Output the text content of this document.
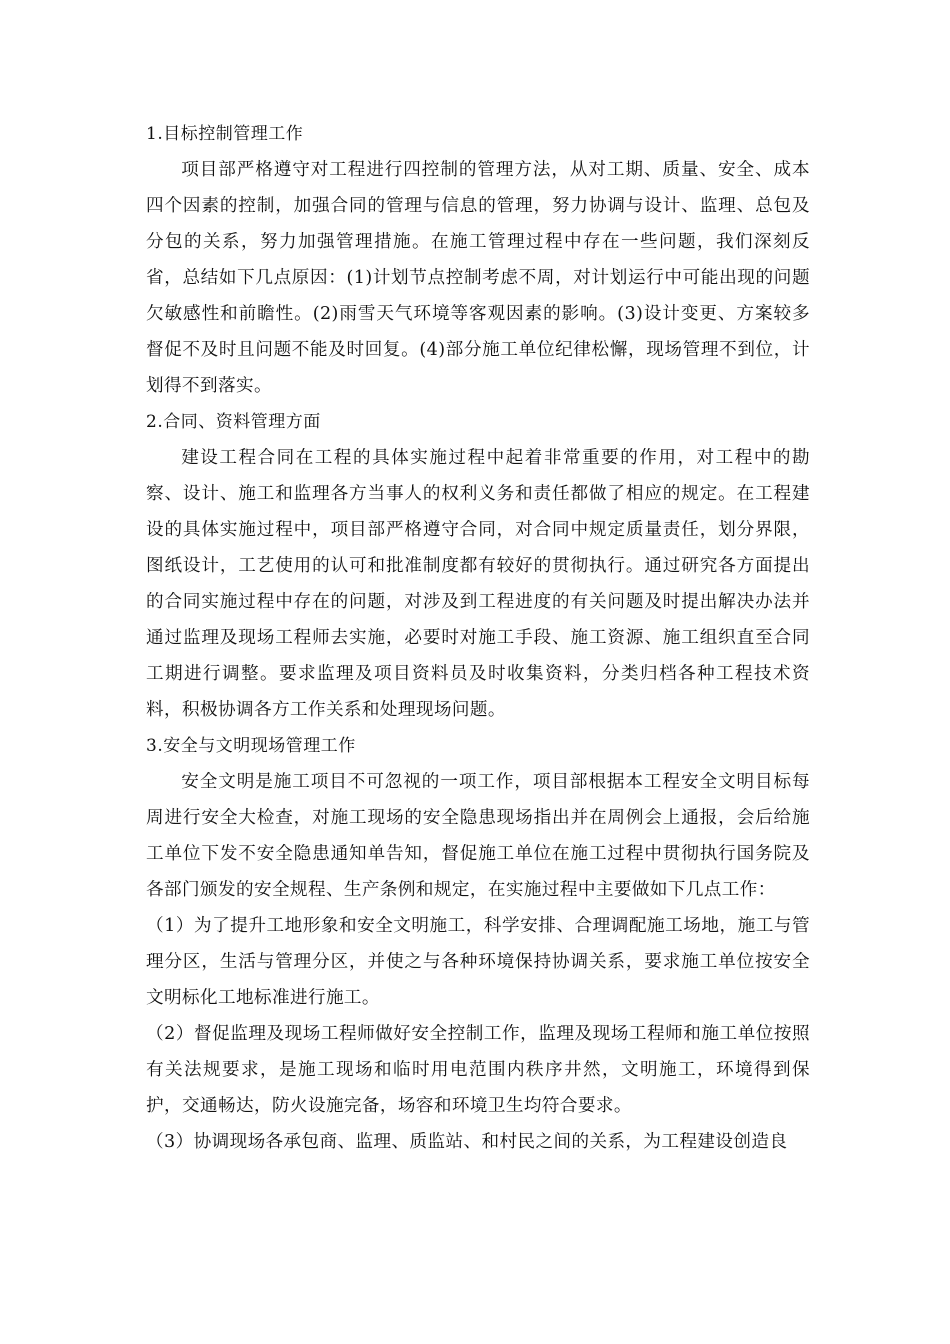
1.目标控制管理工作

项目部严格遵守对工程进行四控制的管理方法，从对工期、质量、安全、成本四个因素的控制，加强合同的管理与信息的管理，努力协调与设计、监理、总包及分包的关系，努力加强管理措施。在施工管理过程中存在一些问题，我们深刻反省，总结如下几点原因：(1)计划节点控制考虑不周，对计划运行中可能出现的问题欠敏感性和前瞻性。(2)雨雪天气环境等客观因素的影响。(3)设计变更、方案较多督促不及时且问题不能及时回复。(4)部分施工单位纪律松懈，现场管理不到位，计划得不到落实。

2.合同、资料管理方面

建设工程合同在工程的具体实施过程中起着非常重要的作用，对工程中的勘察、设计、施工和监理各方当事人的权利义务和责任都做了相应的规定。在工程建设的具体实施过程中，项目部严格遵守合同，对合同中规定质量责任，划分界限，图纸设计，工艺使用的认可和批准制度都有较好的贯彻执行。通过研究各方面提出的合同实施过程中存在的问题，对涉及到工程进度的有关问题及时提出解决办法并通过监理及现场工程师去实施，必要时对施工手段、施工资源、施工组织直至合同工期进行调整。要求监理及项目资料员及时收集资料，分类归档各种工程技术资料，积极协调各方工作关系和处理现场问题。

3.安全与文明现场管理工作

安全文明是施工项目不可忽视的一项工作，项目部根据本工程安全文明目标每周进行安全大检查，对施工现场的安全隐患现场指出并在周例会上通报，会后给施工单位下发不安全隐患通知单告知，督促施工单位在施工过程中贯彻执行国务院及各部门颁发的安全规程、生产条例和规定，在实施过程中主要做如下几点工作：

（1）为了提升工地形象和安全文明施工，科学安排、合理调配施工场地，施工与管理分区，生活与管理分区，并使之与各种环境保持协调关系，要求施工单位按安全文明标化工地标准进行施工。

（2）督促监理及现场工程师做好安全控制工作，监理及现场工程师和施工单位按照有关法规要求，是施工现场和临时用电范围内秩序井然，文明施工，环境得到保护，交通畅达，防火设施完备，场容和环境卫生均符合要求。

（3）协调现场各承包商、监理、质监站、和村民之间的关系，为工程建设创造良
